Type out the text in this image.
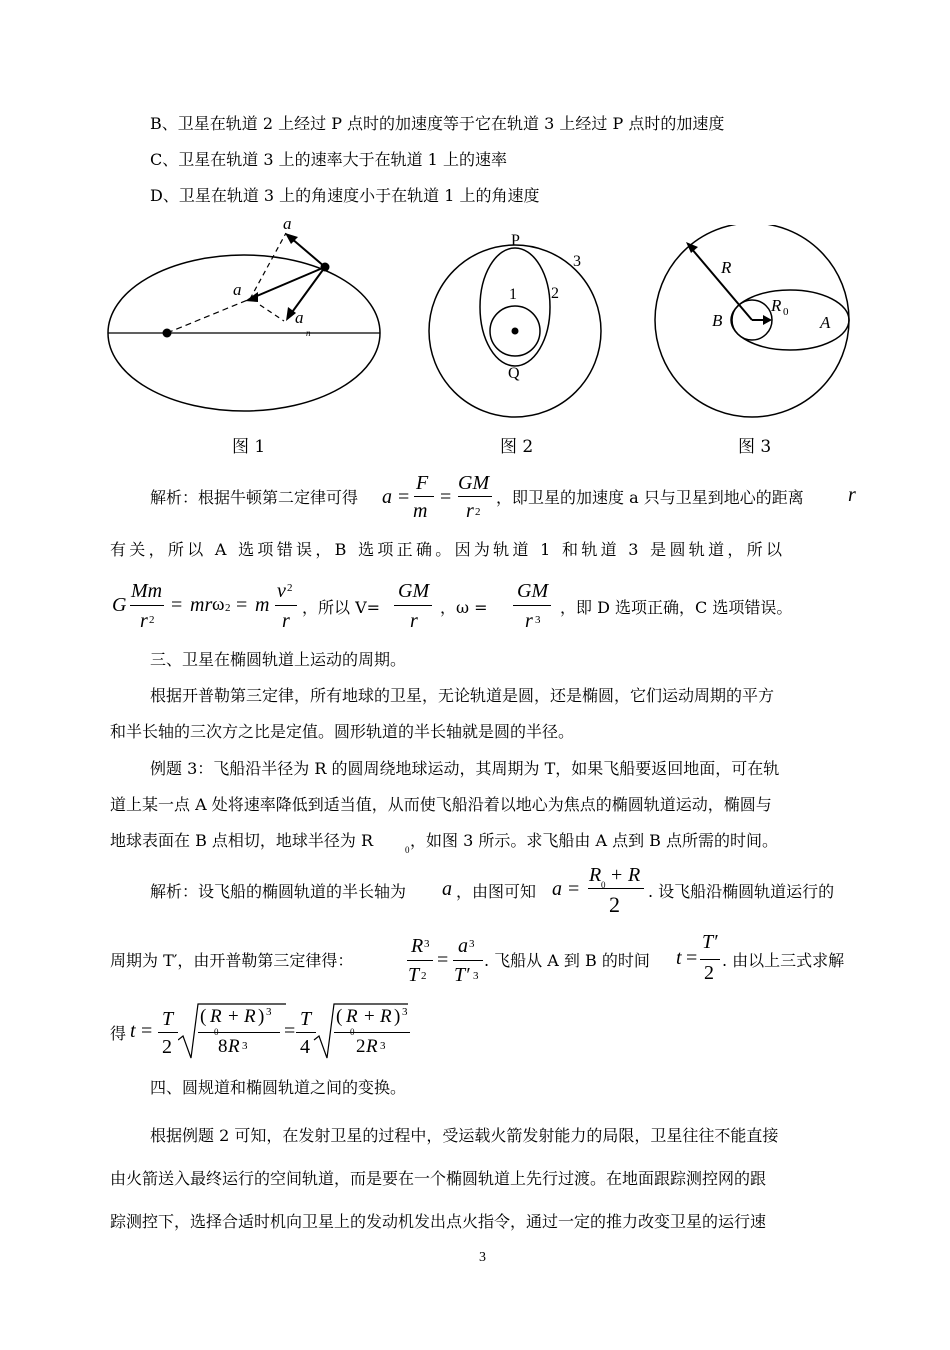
B、卫星在轨道 2 上经过 P 点时的加速度等于它在轨道 3 上经过 P 点时的加速度
C、卫星在轨道 3 上的速率大于在轨道 1 上的速率
D、卫星在轨道 3 上的角速度小于在轨道 1 上的角速度
a
τ
a
a
n
图 1
P
3
1 2
Q
图 2
R
R 0
B	A
图 3
解析：根据牛顿第二定律可得 a =
F
m
=
GM
r 2
，即卫星的加速度 a 只与卫星到地心的距离 r
有关，所以 A 选项错误，B 选项正确。因为轨道 1 和轨道 3 是圆轨道，所以
G
Mm
r 2
= mr ω 2 = m
v 2
r
，所以 V=
GM
r
，ω =
GM
r 3
，即 D 选项正确，C 选项错误。
三、卫星在椭圆轨道上运动的周期。
根据开普勒第三定律，所有地球的卫星，无论轨道是圆，还是椭圆，它们运动周期的平方
和半长轴的三次方之比是定值。圆形轨道的半长轴就是圆的半径。
例题 3：飞船沿半径为 R 的圆周绕地球运动，其周期为 T，如果飞船要返回地面，可在轨
道上某一点 A 处将速率降低到适当值，从而使飞船沿着以地心为焦点的椭圆轨道运动，椭圆与
地球表面在 B 点相切，地球半径为 R	0 ，如图 3 所示。求飞船由 A 点到 B 点所需的时间。
解析：设飞船的椭圆轨道的半长轴为 a ，由图可知 a =
R + R
0
2
. 设飞船沿椭圆轨道运行的
周期为 T′，由开普勒第三定律得：
R 3
T 2
=
a 3
T′ 3
. 飞船从 A 到 B 的时间 t =
T′
2
. 由以上三式求解
得 t =
T
2
( R + R ) 3
0
8 R 3
=
T
4
( R + R ) 3
0
2 R 3
四、圆规道和椭圆轨道之间的变换。
根据例题 2 可知，在发射卫星的过程中，受运载火箭发射能力的局限，卫星往往不能直接
由火箭送入最终运行的空间轨道，而是要在一个椭圆轨道上先行过渡。在地面跟踪测控网的跟
踪测控下，选择合适时机向卫星上的发动机发出点火指令，通过一定的推力改变卫星的运行速
3
